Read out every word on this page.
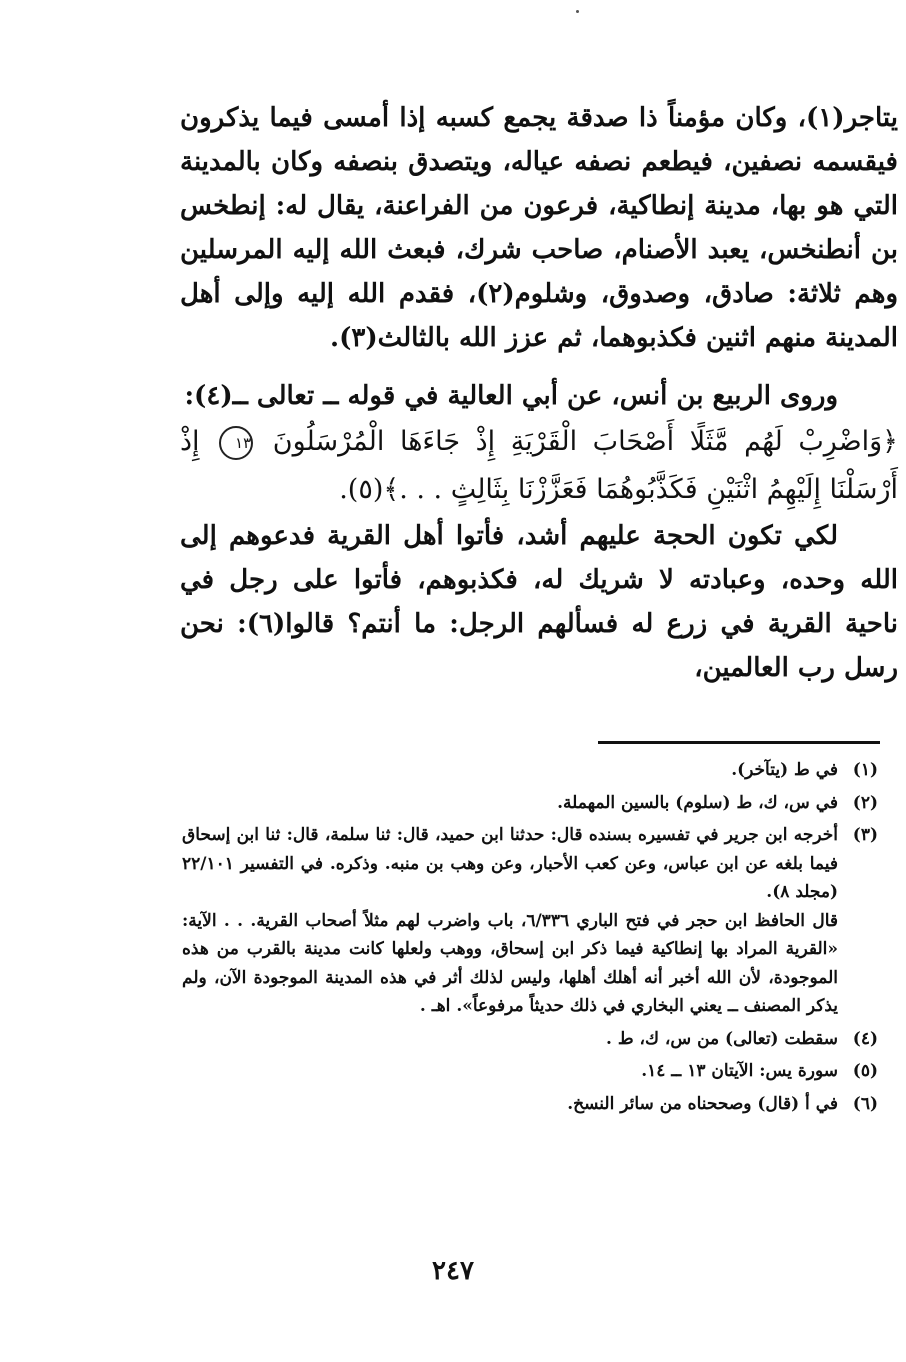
يتاجر(١)، وكان مؤمناً ذا صدقة يجمع كسبه إذا أمسى فيما يذكرون فيقسمه نصفين، فيطعم نصفه عياله، ويتصدق بنصفه وكان بالمدينة التي هو بها، مدينة إنطاكية، فرعون من الفراعنة، يقال له: إنطخس بن أنطنخس، يعبد الأصنام، صاحب شرك، فبعث الله إليه المرسلين وهم ثلاثة: صادق، وصدوق، وشلوم(٢)، فقدم الله إليه وإلى أهل المدينة منهم اثنين فكذبوهما، ثم عزز الله بالثالث(٣).

وروى الربيع بن أنس، عن أبي العالية في قوله ــ تعالى ــ(٤):

﴿وَاضْرِبْ لَهُم مَّثَلًا أَصْحَابَ الْقَرْيَةِ إِذْ جَاءَهَا الْمُرْسَلُونَ ١٣ إِذْ أَرْسَلْنَا إِلَيْهِمُ اثْنَيْنِ فَكَذَّبُوهُمَا فَعَزَّزْنَا بِثَالِثٍ . . .﴾(٥).

لكي تكون الحجة عليهم أشد، فأتوا أهل القرية فدعوهم إلى الله وحده، وعبادته لا شريك له، فكذبوهم، فأتوا على رجل في ناحية القرية في زرع له فسألهم الرجل: ما أنتم؟ قالوا(٦): نحن رسل رب العالمين،

(١)

في ط (يتآخر).

(٢)

في س، ك، ط (سلوم) بالسين المهملة.

(٣)

أخرجه ابن جرير في تفسيره بسنده قال: حدثنا ابن حميد، قال: ثنا سلمة، قال: ثنا ابن إسحاق فيما بلغه عن ابن عباس، وعن كعب الأحبار، وعن وهب بن منبه. وذكره. في التفسير ٢٢/١٠١ (مجلد ٨).

قال الحافظ ابن حجر في فتح الباري ٦/٣٣٦، باب واضرب لهم مثلاً أصحاب القرية. . . الآية: «القرية المراد بها إنطاكية فيما ذكر ابن إسحاق، ووهب ولعلها كانت مدينة بالقرب من هذه الموجودة، لأن الله أخبر أنه أهلك أهلها، وليس لذلك أثر في هذه المدينة الموجودة الآن، ولم يذكر المصنف ــ يعني البخاري في ذلك حديثاً مرفوعاً». اهـ .

(٤)

سقطت (تعالى) من س، ك، ط .

(٥)

سورة يس: الآيتان ١٣ ــ ١٤.

(٦)

في أ (قال) وصححناه من سائر النسخ.

٢٤٧
